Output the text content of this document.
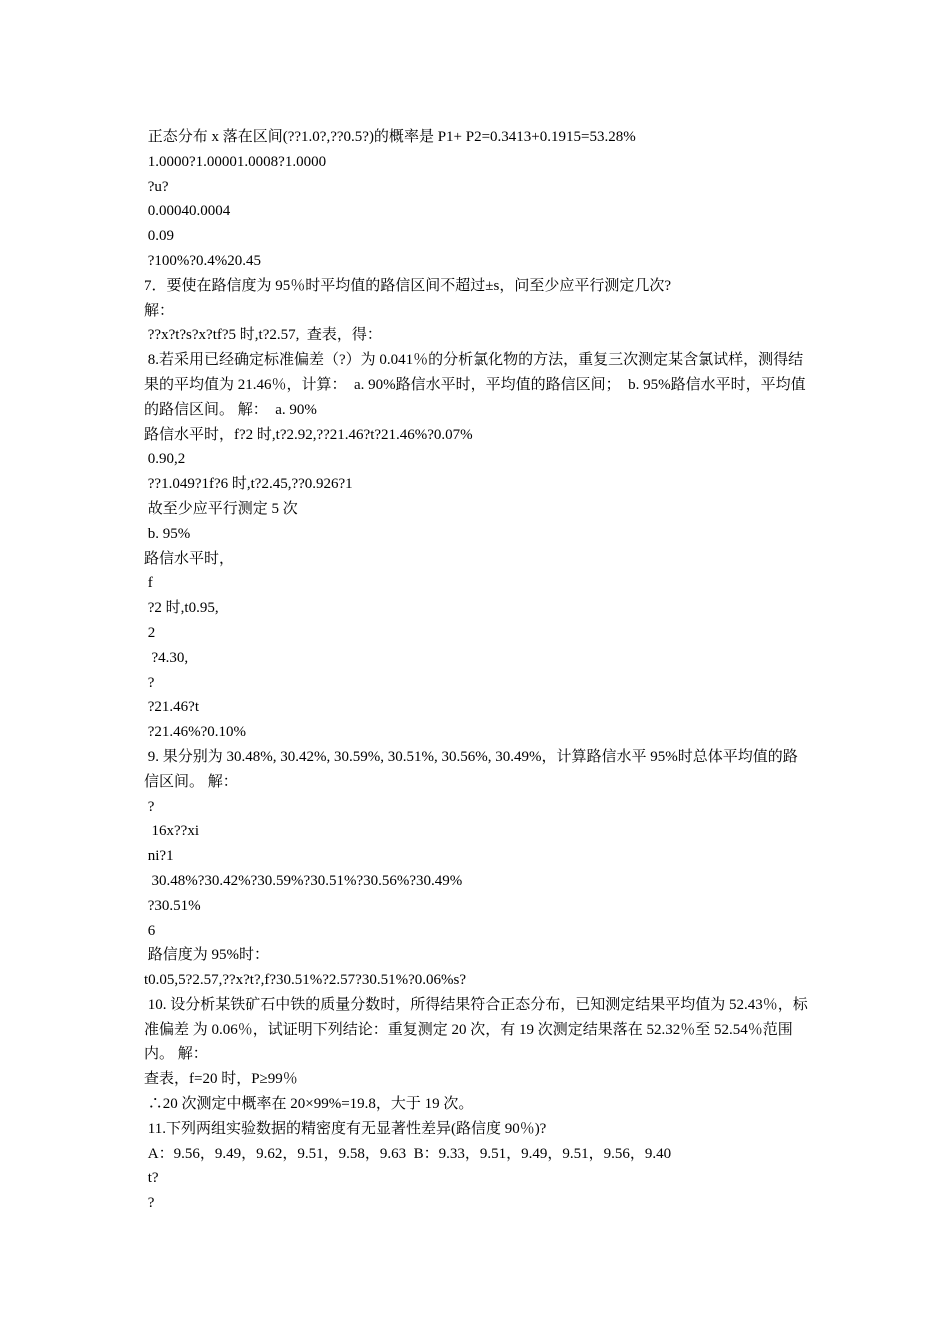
正态分布 x 落在区间(??1.0?,??0.5?)的概率是 P1+ P2=0.3413+0.1915=53.28%

1.0000?1.00001.0008?1.0000

?u?

0.00040.0004

0.09

?100%?0.4%20.45

7．要使在路信度为 95％时平均值的路信区间不超过±s，问至少应平行测定几次?

解：

??x?t?s?x?tf?5 时,t?2.57,  查表，得：

8.若采用已经确定标准偏差（?）为 0.041％的分析氯化物的方法，重复三次测定某含氯试样，测得结果的平均值为 21.46％，计算：  a. 90%路信水平时，平均值的路信区间；  b. 95%路信水平时，平均值的路信区间。 解：  a. 90%

路信水平时，f?2 时,t?2.92,??21.46?t?21.46%?0.07%

0.90,2

??1.049?1f?6 时,t?2.45,??0.926?1

故至少应平行测定 5 次

b. 95%

路信水平时，

f

?2 时,t0.95,

2

?4.30,

?

?21.46?t

?21.46%?0.10%

9. 果分别为 30.48%, 30.42%, 30.59%, 30.51%, 30.56%, 30.49%，计算路信水平 95%时总体平均值的路信区间。 解：

?

16x??xi

ni?1

30.48%?30.42%?30.59%?30.51%?30.56%?30.49%

?30.51%

6

路信度为 95%时：

t0.05,5?2.57,??x?t?,f?30.51%?2.57?30.51%?0.06%s?

10. 设分析某铁矿石中铁的质量分数时，所得结果符合正态分布，已知测定结果平均值为 52.43％，标准偏差 为 0.06％，试证明下列结论：重复测定 20 次，有 19 次测定结果落在 52.32％至 52.54％范围内。 解：

查表，f=20 时，P≥99％

∴20 次测定中概率在 20×99%=19.8，大于 19 次。

11.下列两组实验数据的精密度有无显著性差异(路信度 90％)?

A：9.56，9.49，9.62，9.51，9.58，9.63  B：9.33，9.51，9.49，9.51，9.56，9.40

t?

?
